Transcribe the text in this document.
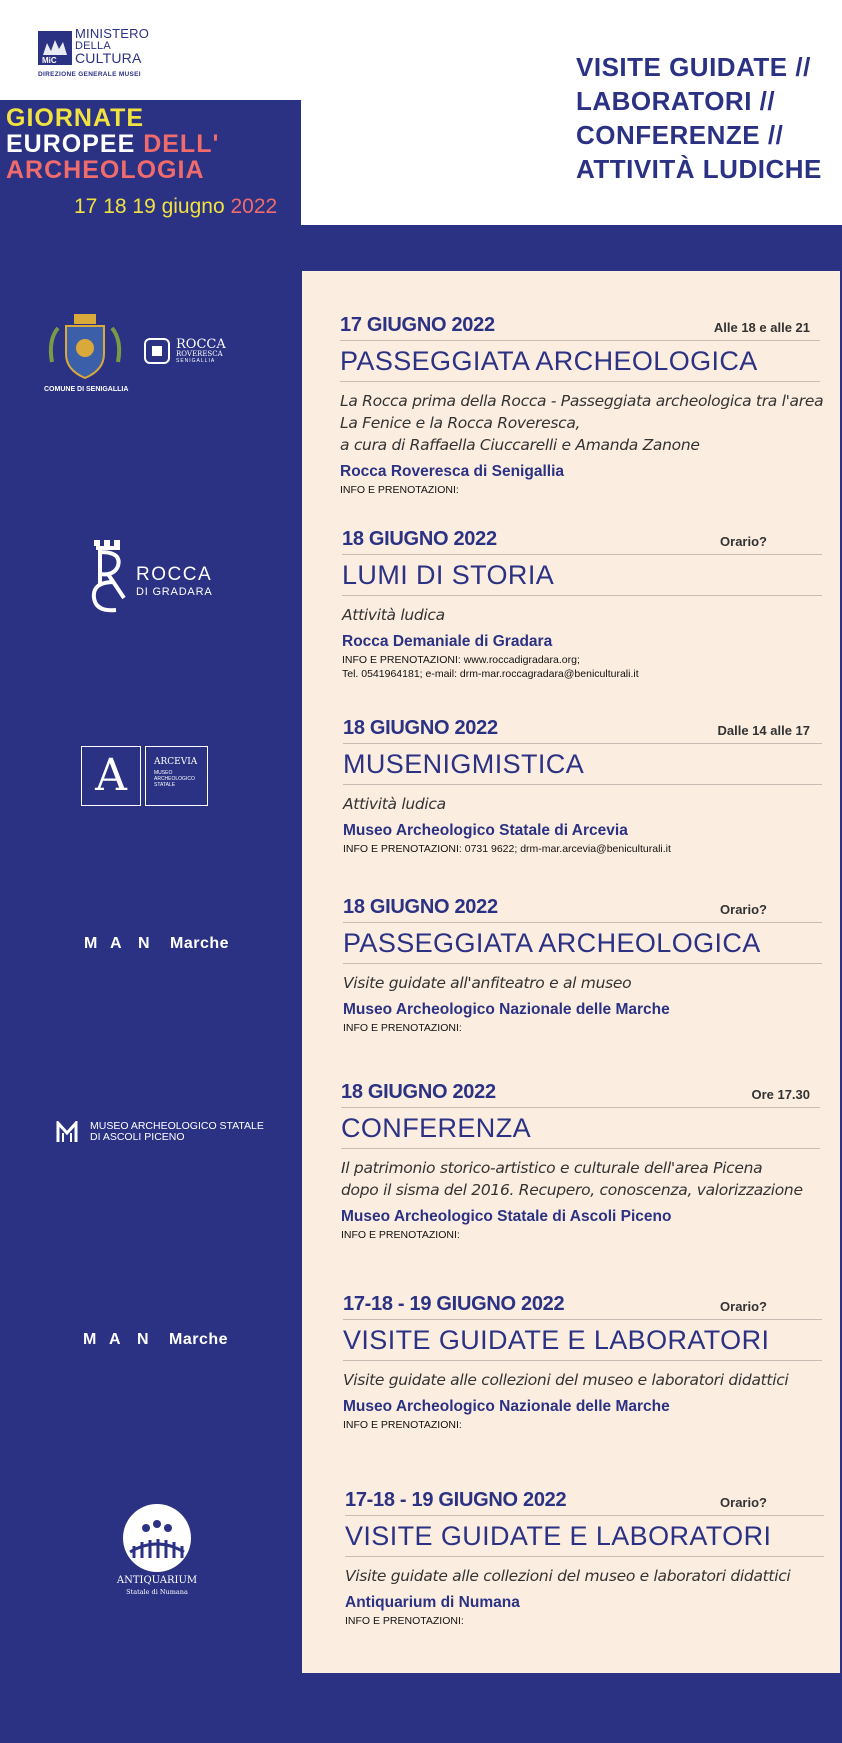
MiC
MINISTERO
DELLA
CULTURA
DIREZIONE GENERALE MUSEI
GIORNATE
EUROPEE DELL'
ARCHEOLOGIA
17 18 19 giugno 2022
VISITE GUIDATE //
LABORATORI //
CONFERENZE //
ATTIVITÀ LUDICHE
COMUNE DI SENIGALLIA
ROCCA
ROVERESCA
SENIGALLIA
ROCCA
DI GRADARA
A	ARCEVIA
MUSEO
ARCHEOLOGICO
STATALE
M A N Marche
MUSEO ARCHEOLOGICO STATALE
DI ASCOLI PICENO
M A N Marche
ANTIQUARIUM
Statale di Numana
17 GIUGNO 2022	Alle 18 e alle 21
PASSEGGIATA ARCHEOLOGICA
La Rocca prima della Rocca - Passeggiata archeologica tra l'area
La Fenice e la Rocca Roveresca,
a cura di Raffaella Ciuccarelli e Amanda Zanone
Rocca Roveresca di Senigallia
INFO E PRENOTAZIONI:
18 GIUGNO 2022	Orario?
LUMI DI STORIA
Attività ludica
Rocca Demaniale di Gradara
INFO E PRENOTAZIONI: www.roccadigradara.org;
Tel. 0541964181; e-mail: drm-mar.roccagradara@beniculturali.it
18 GIUGNO 2022	Dalle 14 alle 17
MUSENIGMISTICA
Attività ludica
Museo Archeologico Statale di Arcevia
INFO E PRENOTAZIONI: 0731 9622; drm-mar.arcevia@beniculturali.it
18 GIUGNO 2022	Orario?
PASSEGGIATA ARCHEOLOGICA
Visite guidate all'anfiteatro e al museo
Museo Archeologico Nazionale delle Marche
INFO E PRENOTAZIONI:
18 GIUGNO 2022	Ore 17.30
CONFERENZA
Il patrimonio storico-artistico e culturale dell'area Picena
dopo il sisma del 2016. Recupero, conoscenza, valorizzazione
Museo Archeologico Statale di Ascoli Piceno
INFO E PRENOTAZIONI:
17-18 - 19 GIUGNO 2022	Orario?
VISITE GUIDATE E LABORATORI
Visite guidate alle collezioni del museo e laboratori didattici
Museo Archeologico Nazionale delle Marche
INFO E PRENOTAZIONI:
17-18 - 19 GIUGNO 2022	Orario?
VISITE GUIDATE E LABORATORI
Visite guidate alle collezioni del museo e laboratori didattici
Antiquarium di Numana
INFO E PRENOTAZIONI:
